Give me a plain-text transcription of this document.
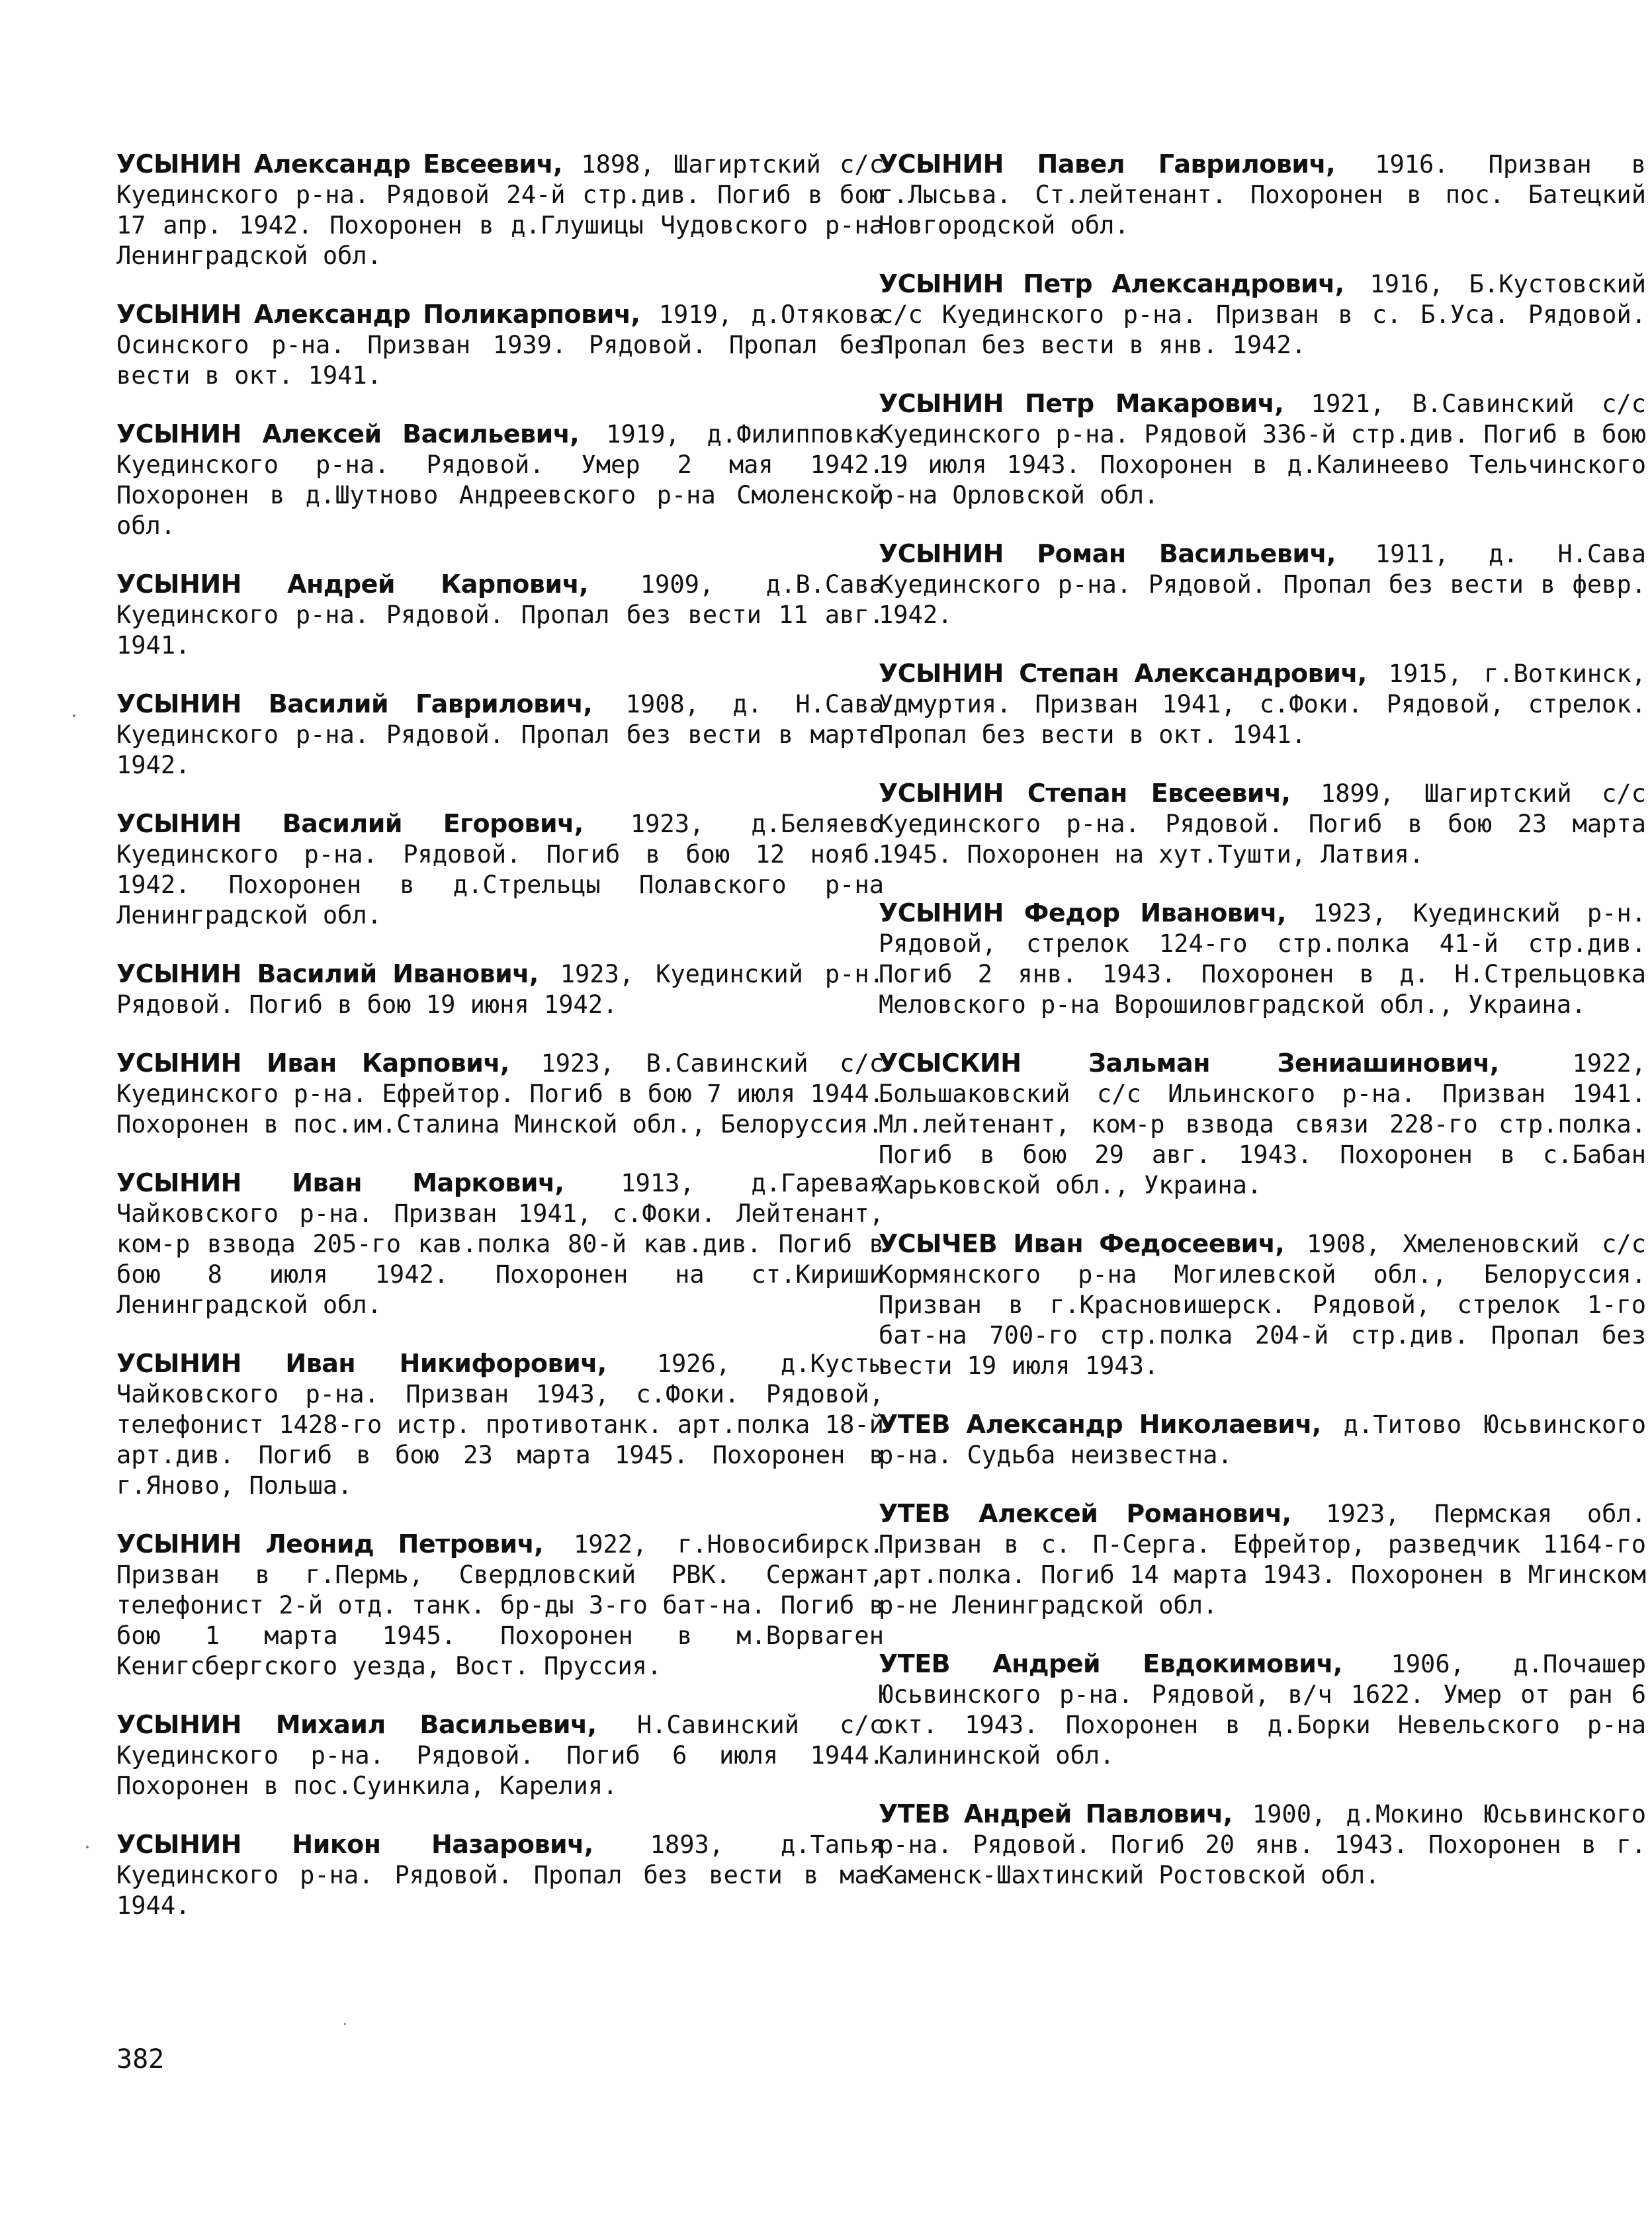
УСЫНИН Александр Евсеевич, 1898, Шагиртский с/с Куединского р-на. Рядовой 24-й стр.див. Погиб в бою 17 апр. 1942. Похоронен в д.Глушицы Чудовского р-на Ленинградской обл.

УСЫНИН Александр Поликарпович, 1919, д.Отякова Осинского р-на. Призван 1939. Рядовой. Пропал без вести в окт. 1941.

УСЫНИН Алексей Васильевич, 1919, д.Филипповка Куединского р-на. Рядовой. Умер 2 мая 1942. Похоронен в д.Шутново Андреевского р-на Смоленской обл.

УСЫНИН Андрей Карпович, 1909, д.В.Сава Куединского р-на. Рядовой. Пропал без вести 11 авг. 1941.

УСЫНИН Василий Гаврилович, 1908, д. Н.Сава Куединского р-на. Рядовой. Пропал без вести в марте 1942.

УСЫНИН Василий Егорович, 1923, д.Беляево Куединского р-на. Рядовой. Погиб в бою 12 нояб. 1942. Похоронен в д.Стрельцы Полавского р-на Ленинградской обл.

УСЫНИН Василий Иванович, 1923, Куединский р-н. Рядовой. Погиб в бою 19 июня 1942.

УСЫНИН Иван Карпович, 1923, В.Савинский с/с Куединского р-на. Ефрейтор. Погиб в бою 7 июля 1944. Похоронен в пос.им.Сталина Минской обл., Белоруссия.

УСЫНИН Иван Маркович, 1913, д.Гаревая Чайковского р-на. Призван 1941, с.Фоки. Лейтенант, ком-р взвода 205-го кав.полка 80-й кав.див. Погиб в бою 8 июля 1942. Похоронен на ст.Кириши Ленинградской обл.

УСЫНИН Иван Никифорович, 1926, д.Кусты Чайковского р-на. Призван 1943, с.Фоки. Рядовой, телефонист 1428-го истр. противотанк. арт.полка 18-й арт.див. Погиб в бою 23 марта 1945. Похоронен в г.Яново, Польша.

УСЫНИН Леонид Петрович, 1922, г.Новосибирск. Призван в г.Пермь, Свердловский РВК. Сержант, телефонист 2-й отд. танк. бр-ды 3-го бат-на. Погиб в бою 1 марта 1945. Похоронен в м.Ворваген Кенигсбергского уезда, Вост. Пруссия.

УСЫНИН Михаил Васильевич, Н.Савинский с/с Куединского р-на. Рядовой. Погиб 6 июля 1944. Похоронен в пос.Суинкила, Карелия.

УСЫНИН Никон Назарович, 1893, д.Тапья Куединского р-на. Рядовой. Пропал без вести в мае 1944.

УСЫНИН Павел Гаврилович, 1916. Призван в г.Лысьва. Ст.лейтенант. Похоронен в пос. Батецкий Новгородской обл.

УСЫНИН Петр Александрович, 1916, Б.Кустовский с/с Куединского р-на. Призван в с. Б.Уса. Рядовой. Пропал без вести в янв. 1942.

УСЫНИН Петр Макарович, 1921, В.Савинский с/с Куединского р-на. Рядовой 336-й стр.див. Погиб в бою 19 июля 1943. Похоронен в д.Калинеево Тельчинского р-на Орловской обл.

УСЫНИН Роман Васильевич, 1911, д. Н.Сава Куединского р-на. Рядовой. Пропал без вести в февр. 1942.

УСЫНИН Степан Александрович, 1915, г.Воткинск, Удмуртия. Призван 1941, с.Фоки. Рядовой, стрелок. Пропал без вести в окт. 1941.

УСЫНИН Степан Евсеевич, 1899, Шагиртский с/с Куединского р-на. Рядовой. Погиб в бою 23 марта 1945. Похоронен на хут.Тушти, Латвия.

УСЫНИН Федор Иванович, 1923, Куединский р-н. Рядовой, стрелок 124-го стр.полка 41-й стр.див. Погиб 2 янв. 1943. Похоронен в д. Н.Стрельцовка Меловского р-на Ворошиловградской обл., Украина.

УСЫСКИН Зальман Зениашинович, 1922, Большаковский с/с Ильинского р-на. Призван 1941. Мл.лейтенант, ком-р взвода связи 228-го стр.полка. Погиб в бою 29 авг. 1943. Похоронен в с.Бабан Харьковской обл., Украина.

УСЫЧЕВ Иван Федосеевич, 1908, Хмеленовский с/с Кормянского р-на Могилевской обл., Белоруссия. Призван в г.Красновишерск. Рядовой, стрелок 1-го бат-на 700-го стр.полка 204-й стр.див. Пропал без вести 19 июля 1943.

УТЕВ Александр Николаевич, д.Титово Юсьвинского р-на. Судьба неизвестна.

УТЕВ Алексей Романович, 1923, Пермская обл. Призван в с. П-Серга. Ефрейтор, разведчик 1164-го арт.полка. Погиб 14 марта 1943. Похоронен в Мгинском р-не Ленинградской обл.

УТЕВ Андрей Евдокимович, 1906, д.Почашер Юсьвинского р-на. Рядовой, в/ч 1622. Умер от ран 6 окт. 1943. Похоронен в д.Борки Невельского р-на Калининской обл.

УТЕВ Андрей Павлович, 1900, д.Мокино Юсьвинского р-на. Рядовой. Погиб 20 янв. 1943. Похоронен в г. Каменск-Шахтинский Ростовской обл.

382
